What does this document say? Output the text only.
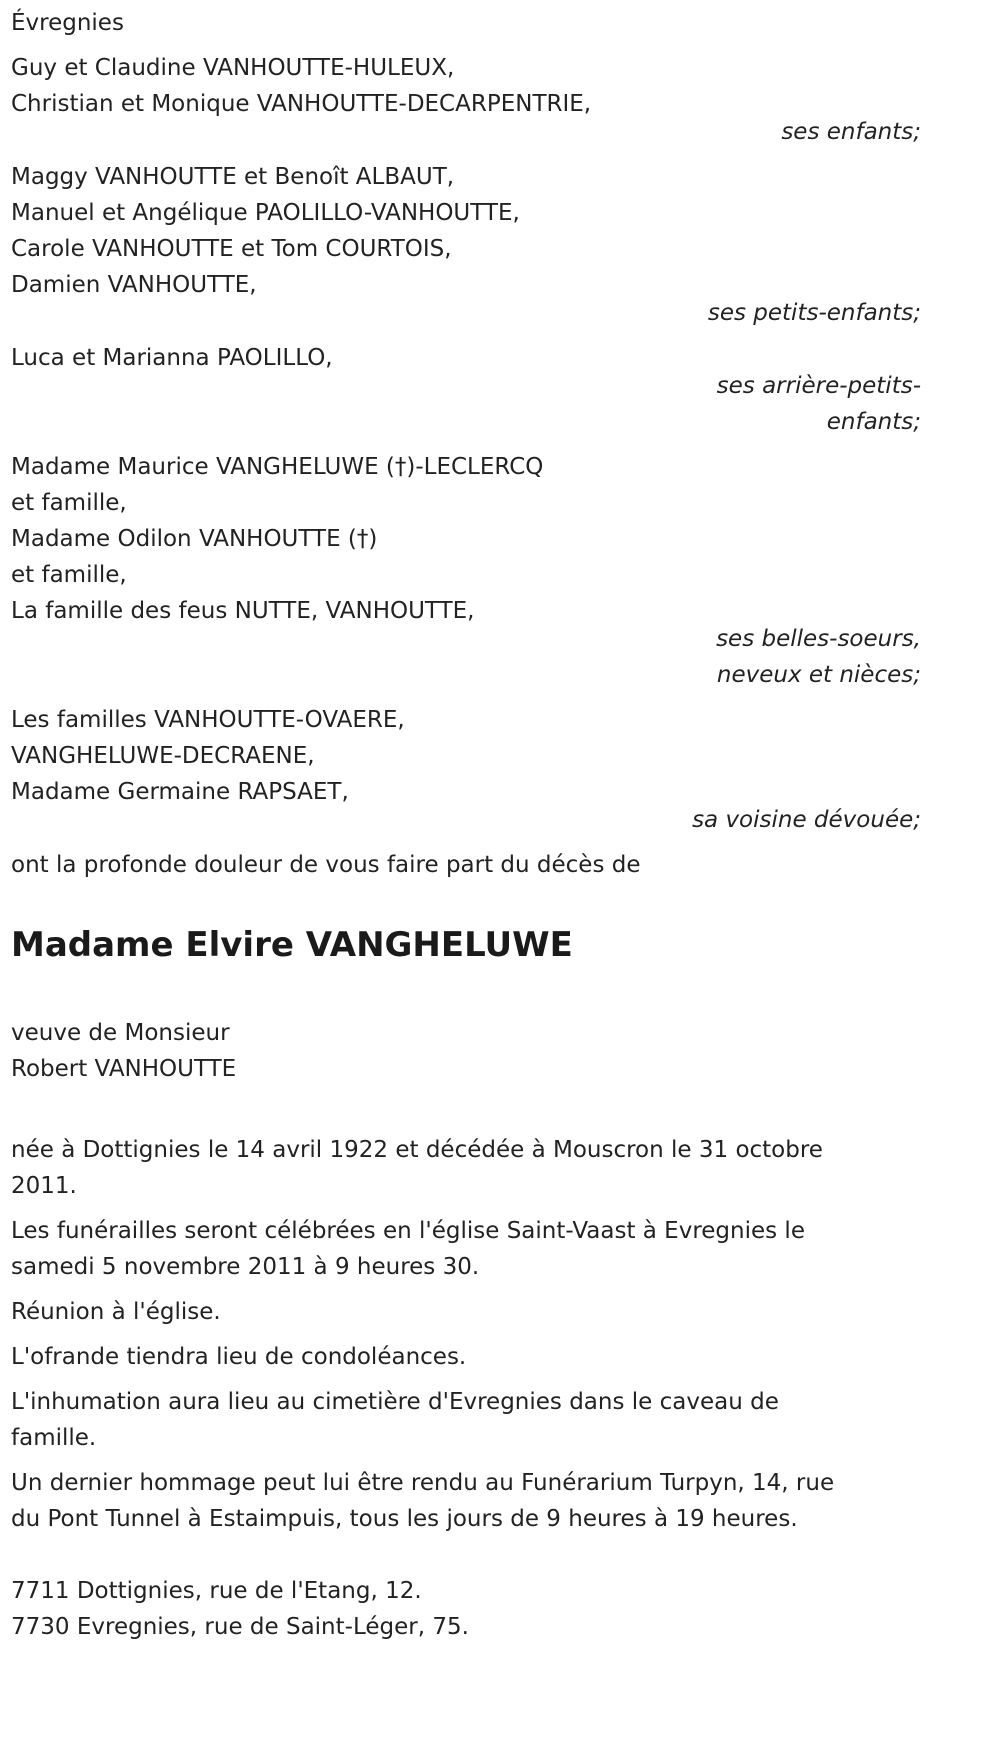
Évregnies

Guy et Claudine VANHOUTTE-HULEUX,

Christian et Monique VANHOUTTE-DECARPENTRIE,

ses enfants;

Maggy VANHOUTTE et Benoît ALBAUT,

Manuel et Angélique PAOLILLO-VANHOUTTE,

Carole VANHOUTTE et Tom COURTOIS,

Damien VANHOUTTE,

ses petits-enfants;

Luca et Marianna PAOLILLO,

ses arrière-petits-

enfants;

Madame Maurice VANGHELUWE (†)-LECLERCQ

et famille,

Madame Odilon VANHOUTTE (†)

et famille,

La famille des feus NUTTE, VANHOUTTE,

ses belles-soeurs,

neveux et nièces;

Les familles VANHOUTTE-OVAERE,

VANGHELUWE-DECRAENE,

Madame Germaine RAPSAET,

sa voisine dévouée;

ont la profonde douleur de vous faire part du décès de

Madame Elvire VANGHELUWE

veuve de Monsieur

Robert VANHOUTTE

née à Dottignies le 14 avril 1922 et décédée à Mouscron le 31 octobre

2011.

Les funérailles seront célébrées en l'église Saint-Vaast à Evregnies le

samedi 5 novembre 2011 à 9 heures 30.

Réunion à l'église.

L'ofrande tiendra lieu de condoléances.

L'inhumation aura lieu au cimetière d'Evregnies dans le caveau de

famille.

Un dernier hommage peut lui être rendu au Funérarium Turpyn, 14, rue

du Pont Tunnel à Estaimpuis, tous les jours de 9 heures à 19 heures.

7711 Dottignies, rue de l'Etang, 12.

7730 Evregnies, rue de Saint-Léger, 75.
